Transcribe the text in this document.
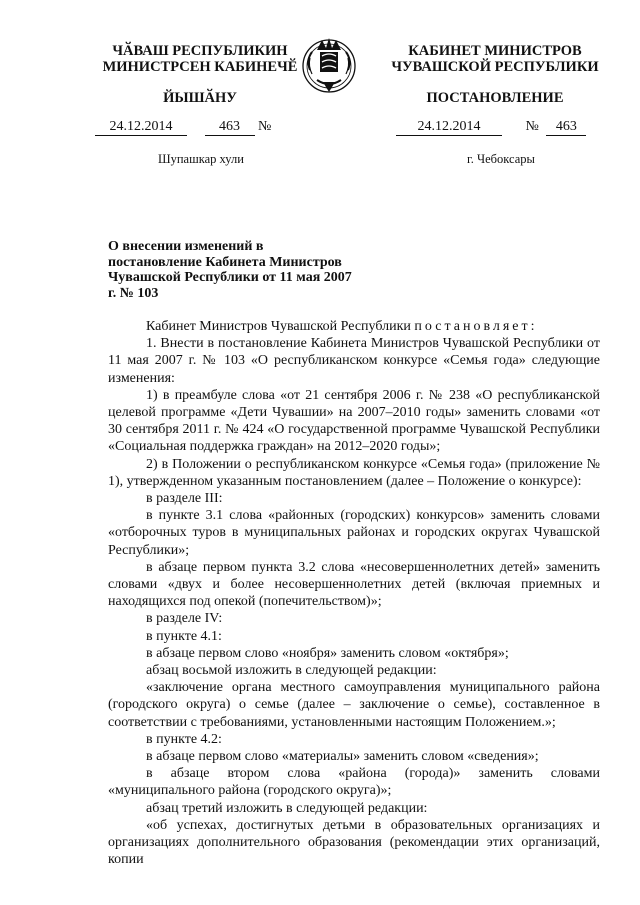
ЧӐВАШ РЕСПУБЛИКИН
МИНИСТРСЕН КАБИНЕЧӖ
ЙЫШӐНУ
КАБИНЕТ МИНИСТРОВ
ЧУВАШСКОЙ РЕСПУБЛИКИ
ПОСТАНОВЛЕНИЕ
24.12.2014	463 №	24.12.2014	№ 463
Шупашкар хули	г. Чебоксары
О внесении изменений в постановление Кабинета Министров Чувашской Республики от 11 мая 2007 г. № 103

Кабинет Министров Чувашской Республики постановляет:

1. Внести в постановление Кабинета Министров Чувашской Республики от 11 мая 2007 г. № 103 «О республиканском конкурсе «Семья года» следующие изменения:

1) в преамбуле слова «от 21 сентября 2006 г. № 238 «О республиканской целевой программе «Дети Чувашии» на 2007–2010 годы» заменить словами «от 30 сентября 2011 г. № 424 «О государственной программе Чувашской Республики «Социальная поддержка граждан» на 2012–2020 годы»;

2) в Положении о республиканском конкурсе «Семья года» (приложение № 1), утвержденном указанным постановлением (далее – Положение о конкурсе):

в разделе III:

в пункте 3.1 слова «районных (городских) конкурсов» заменить словами «отборочных туров в муниципальных районах и городских округах Чувашской Республики»;

в абзаце первом пункта 3.2 слова «несовершеннолетних детей» заменить словами «двух и более несовершеннолетних детей (включая приемных и находящихся под опекой (попечительством)»;

в разделе IV:

в пункте 4.1:

в абзаце первом слово «ноября» заменить словом «октября»;

абзац восьмой изложить в следующей редакции:

«заключение органа местного самоуправления муниципального района (городского округа) о семье (далее – заключение о семье), составленное в соответствии с требованиями, установленными настоящим Положением.»;

в пункте 4.2:

в абзаце первом слово «материалы» заменить словом «сведения»;

в абзаце втором слова «района (города)» заменить словами «муниципального района (городского округа)»;

абзац третий изложить в следующей редакции:

«об успехах, достигнутых детьми в образовательных организациях и организациях дополнительного образования (рекомендации этих организаций, копии
